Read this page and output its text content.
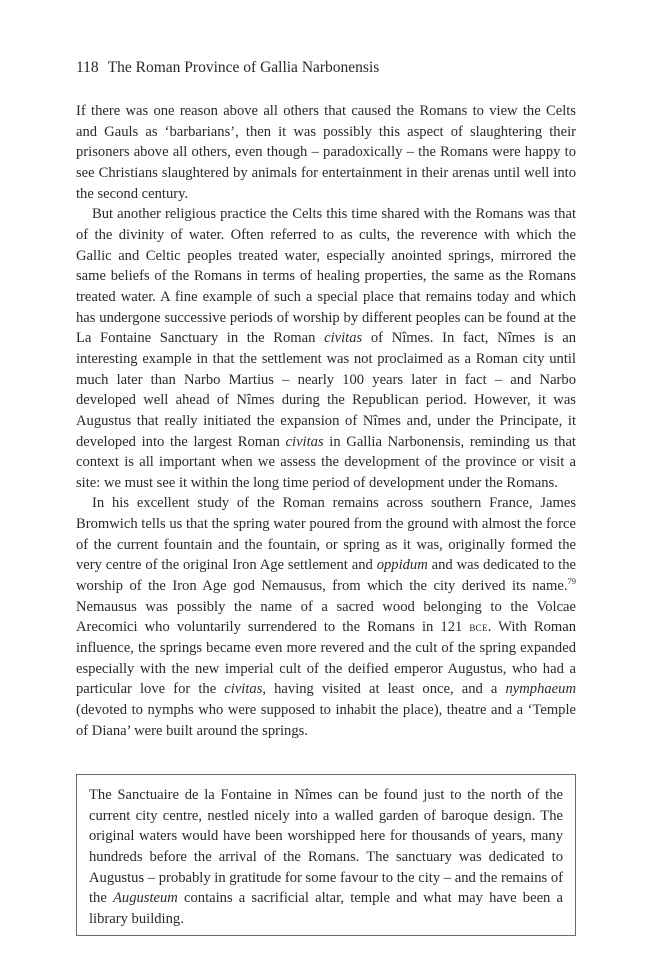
118 The Roman Province of Gallia Narbonensis

If there was one reason above all others that caused the Romans to view the Celts and Gauls as ‘barbarians’, then it was possibly this aspect of slaughtering their prisoners above all others, even though – paradoxically – the Romans were happy to see Christians slaughtered by animals for entertainment in their arenas until well into the second century.

But another religious practice the Celts this time shared with the Romans was that of the divinity of water. Often referred to as cults, the reverence with which the Gallic and Celtic peoples treated water, especially anointed springs, mirrored the same beliefs of the Romans in terms of healing properties, the same as the Romans treated water. A fine example of such a special place that remains today and which has undergone successive periods of worship by different peoples can be found at the La Fontaine Sanctuary in the Roman civitas of Nîmes. In fact, Nîmes is an interesting example in that the settlement was not proclaimed as a Roman city until much later than Narbo Martius – nearly 100 years later in fact – and Narbo developed well ahead of Nîmes during the Republican period. However, it was Augustus that really initiated the expansion of Nîmes and, under the Principate, it developed into the largest Roman civitas in Gallia Narbonensis, reminding us that context is all important when we assess the development of the province or visit a site: we must see it within the long time period of development under the Romans.

In his excellent study of the Roman remains across southern France, James Bromwich tells us that the spring water poured from the ground with almost the force of the current fountain and the fountain, or spring as it was, originally formed the very centre of the original Iron Age settlement and oppidum and was dedicated to the worship of the Iron Age god Nemausus, from which the city derived its name.$^{79}$ Nemausus was possibly the name of a sacred wood belonging to the Volcae Arecomici who voluntarily surrendered to the Romans in 121 bce. With Roman influence, the springs became even more revered and the cult of the spring expanded especially with the new imperial cult of the deified emperor Augustus, who had a particular love for the civitas, having visited at least once, and a nymphaeum (devoted to nymphs who were supposed to inhabit the place), theatre and a ‘Temple of Diana’ were built around the springs.

The Sanctuaire de la Fontaine in Nîmes can be found just to the north of the current city centre, nestled nicely into a walled garden of baroque design. The original waters would have been worshipped here for thousands of years, many hundreds before the arrival of the Romans. The sanctuary was dedicated to Augustus – probably in gratitude for some favour to the city – and the remains of the Augusteum contains a sacrificial altar, temple and what may have been a library building.
